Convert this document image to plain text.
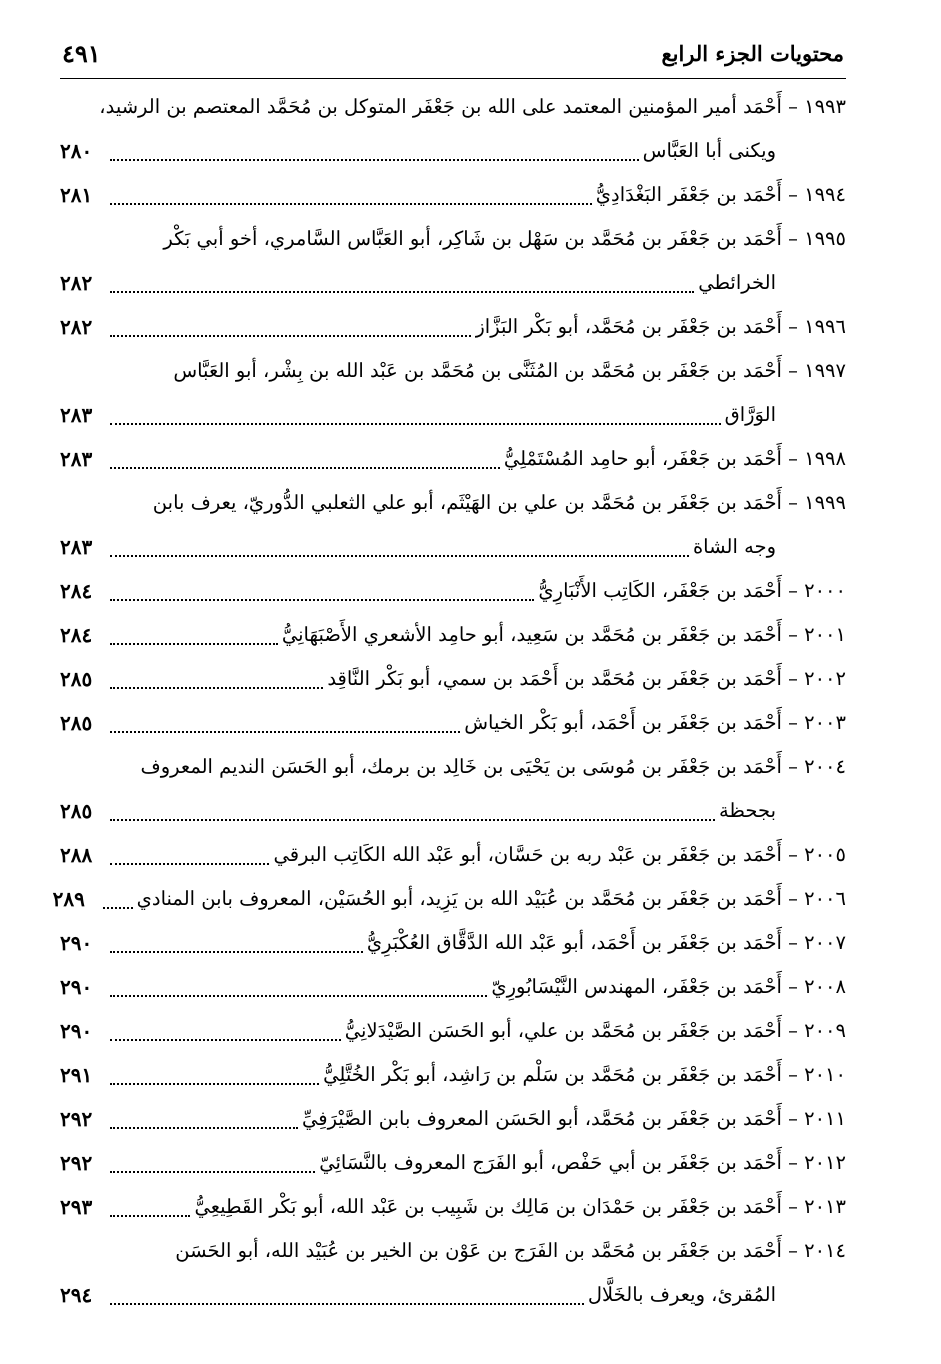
محتويات الجزء الرابع
٤٩١
١٩٩٣ – أَحْمَد أمير المؤمنين المعتمد على الله بن جَعْفَر المتوكل بن مُحَمَّد المعتصم بن الرشيد،
ويكنى أبا العَبَّاس
٢٨٠
١٩٩٤ – أَحْمَد بن جَعْفَر البَغْدَادِيُّ
٢٨١
١٩٩٥ – أَحْمَد بن جَعْفَر بن مُحَمَّد بن سَهْل بن شَاكِر، أبو العَبَّاس السَّامري، أخو أبي بَكْر
الخرائطي
٢٨٢
١٩٩٦ – أَحْمَد بن جَعْفَر بن مُحَمَّد، أبو بَكْر البَزَّاز
٢٨٢
١٩٩٧ – أَحْمَد بن جَعْفَر بن مُحَمَّد بن المُثَنَّى بن مُحَمَّد بن عَبْد الله بن بِشْر، أبو العَبَّاس
الوَرَّاق
٢٨٣
١٩٩٨ – أَحْمَد بن جَعْفَر، أبو حامِد المُسْتَمْلِيُّ
٢٨٣
١٩٩٩ – أَحْمَد بن جَعْفَر بن مُحَمَّد بن علي بن الهَيْثَم، أبو علي الثعلبي الدُّوريّ، يعرف بابن
وجه الشاة
٢٨٣
٢٠٠٠ – أَحْمَد بن جَعْفَر، الكَاتِب الأَنْبَارِيُّ
٢٨٤
٢٠٠١ – أَحْمَد بن جَعْفَر بن مُحَمَّد بن سَعِيد، أبو حامِد الأشعري الأَصْبَهَانِيُّ
٢٨٤
٢٠٠٢ – أَحْمَد بن جَعْفَر بن مُحَمَّد بن أَحْمَد بن سمي، أبو بَكْر النَّاقِد
٢٨٥
٢٠٠٣ – أَحْمَد بن جَعْفَر بن أَحْمَد، أبو بَكْر الخياش
٢٨٥
٢٠٠٤ – أَحْمَد بن جَعْفَر بن مُوسَى بن يَحْيَى بن خَالِد بن برمك، أبو الحَسَن النديم المعروف
بجحظة
٢٨٥
٢٠٠٥ – أَحْمَد بن جَعْفَر بن عَبْد ربه بن حَسَّان، أبو عَبْد الله الكَاتِب البرقي
٢٨٨
٢٠٠٦ – أَحْمَد بن جَعْفَر بن مُحَمَّد بن عُبَيْد الله بن يَزِيد، أبو الحُسَيْن، المعروف بابن المنادي
٢٨٩
٢٠٠٧ – أَحْمَد بن جَعْفَر بن أَحْمَد، أبو عَبْد الله الدَّقَّاق العُكْبَرِيُّ
٢٩٠
٢٠٠٨ – أَحْمَد بن جَعْفَر، المهندس النَّيْسَابُورِيّ
٢٩٠
٢٠٠٩ – أَحْمَد بن جَعْفَر بن مُحَمَّد بن علي، أبو الحَسَن الصَّيْدَلانِيُّ
٢٩٠
٢٠١٠ – أَحْمَد بن جَعْفَر بن مُحَمَّد بن سَلْم بن رَاشِد، أبو بَكْر الخُتَّلِيُّ
٢٩١
٢٠١١ – أَحْمَد بن جَعْفَر بن مُحَمَّد، أبو الحَسَن المعروف بابن الصَّيْرَفِيِّ
٢٩٢
٢٠١٢ – أَحْمَد بن جَعْفَر بن أبي حَفْص، أبو الفَرَج المعروف بالنَّسَائِيّ
٢٩٢
٢٠١٣ – أَحْمَد بن جَعْفَر بن حَمْدَان بن مَالِك بن شَبِيب بن عَبْد الله، أبو بَكْر القَطِيعِيُّ
٢٩٣
٢٠١٤ – أَحْمَد بن جَعْفَر بن مُحَمَّد بن الفَرَج بن عَوْن بن الخير بن عُبَيْد الله، أبو الحَسَن
المُقرئ، ويعرف بالخَلَّال
٢٩٤
